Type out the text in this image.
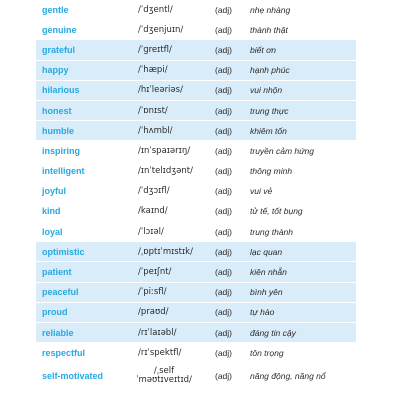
gentle	/ˈdʒentl/	(adj) nhẹ nhàng
genuine	/ˈdʒenjuɪn/	(adj) thành thật
grateful	/ˈɡreɪtfl/	(adj) biết ơn
happy	/ˈhæpi/	(adj) hạnh phúc
hilarious	/hɪˈleəriəs/	(adj) vui nhộn
honest	/ˈɒnɪst/	(adj) trung thực
humble	/ˈhʌmbl/	(adj) khiêm tốn
inspiring	/ɪnˈspaɪərɪŋ/	(adj) truyền cảm hứng
intelligent	/ɪnˈtelɪdʒənt/	(adj) thông minh
joyful	/ˈdʒɔɪfl/	(adj) vui vẻ
kind	/kaɪnd/	(adj) tử tế, tốt bụng
loyal	/ˈlɔɪəl/	(adj) trung thành
optimistic	/ˌɒptɪˈmɪstɪk/	(adj) lạc quan
patient	/ˈpeɪʃnt/	(adj) kiên nhẫn
peaceful	/ˈpiːsfl/	(adj) bình yên
proud	/praʊd/	(adj) tự hào
reliable	/rɪˈlaɪəbl/	(adj) đáng tin cậy
respectful	/rɪˈspektfl/	(adj) tôn trọng
self-motivated	/ˌself ˈməʊtɪveɪtɪd/	(adj) năng động, năng nổ
